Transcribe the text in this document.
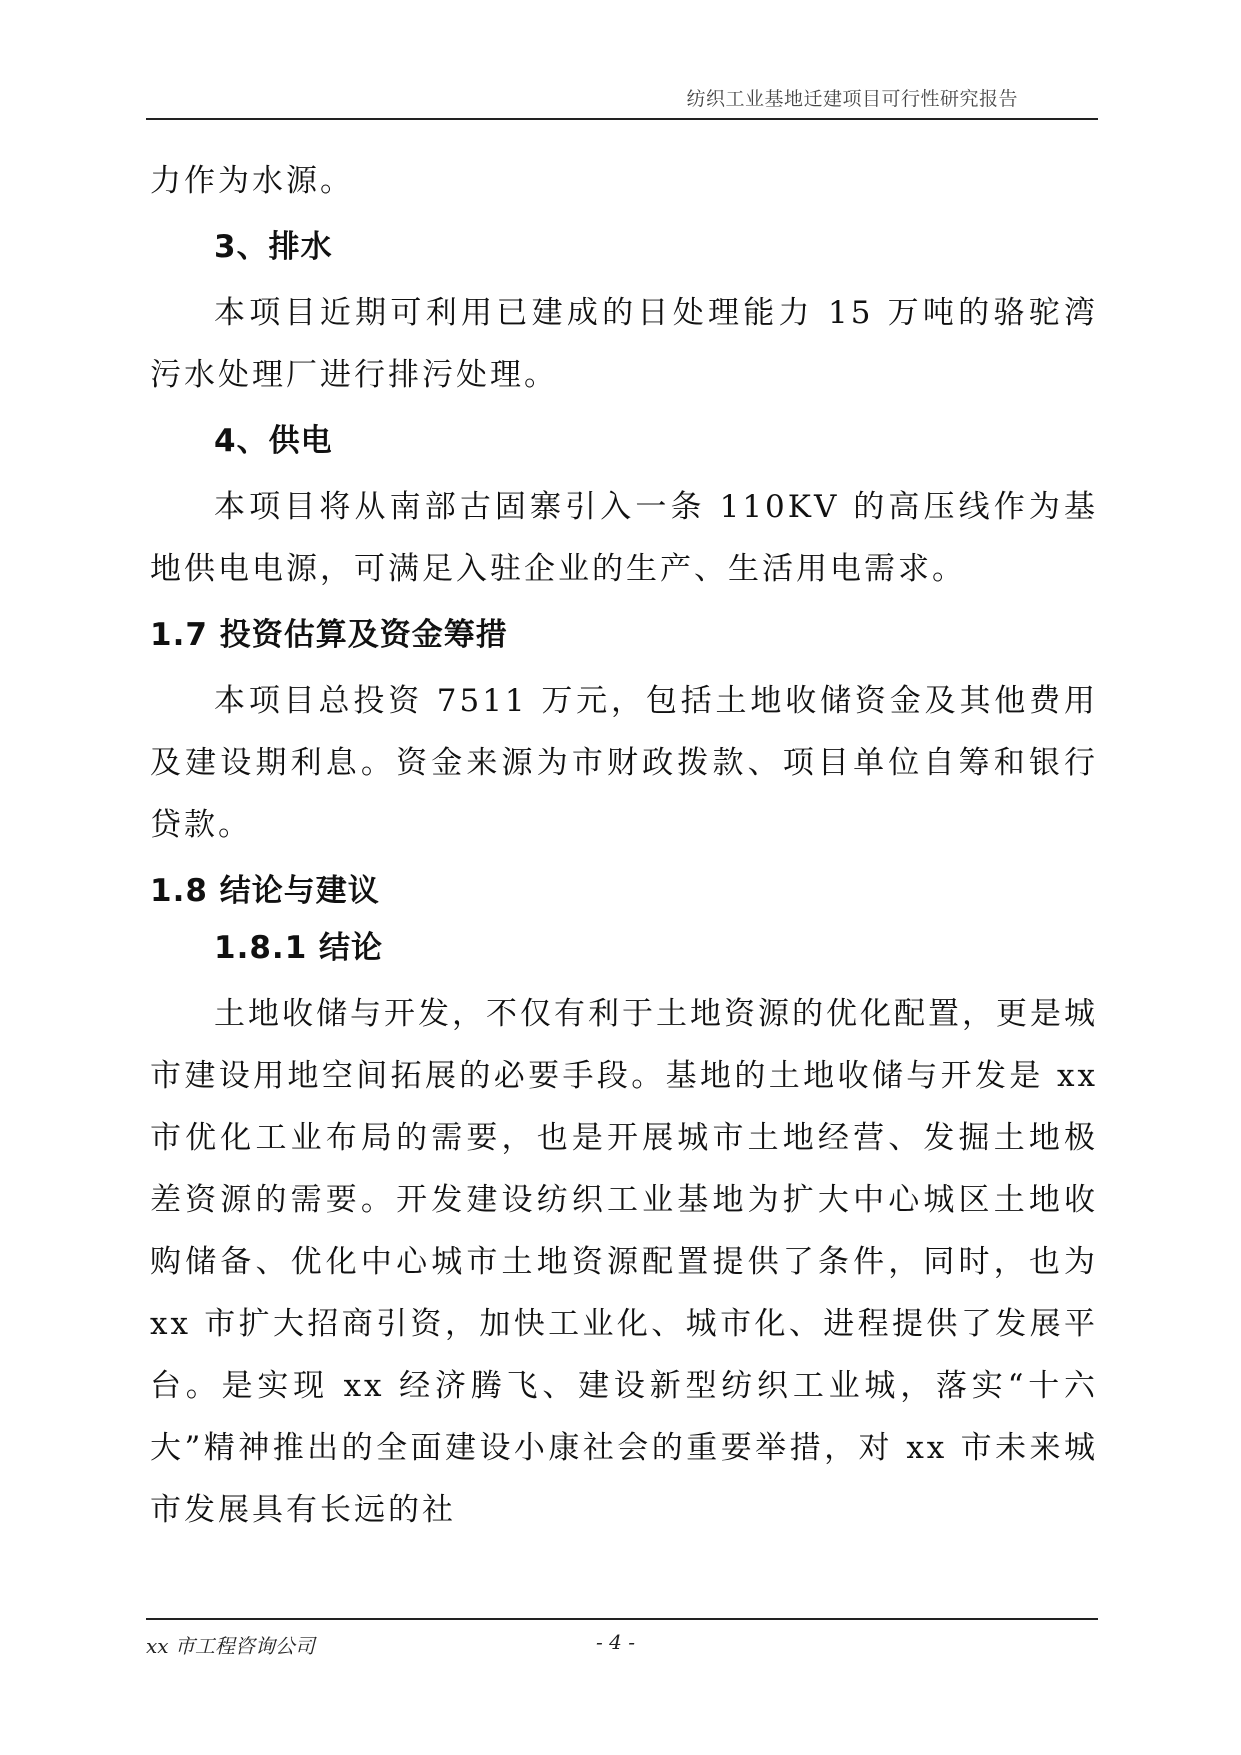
纺织工业基地迁建项目可行性研究报告

力作为水源。

3、排水

本项目近期可利用已建成的日处理能力 15 万吨的骆驼湾污水处理厂进行排污处理。

4、供电

本项目将从南部古固寨引入一条 110KV 的高压线作为基地供电电源，可满足入驻企业的生产、生活用电需求。

1.7 投资估算及资金筹措

本项目总投资 7511 万元，包括土地收储资金及其他费用及建设期利息。资金来源为市财政拨款、项目单位自筹和银行贷款。

1.8 结论与建议
1.8.1 结论

土地收储与开发，不仅有利于土地资源的优化配置，更是城市建设用地空间拓展的必要手段。基地的土地收储与开发是 xx 市优化工业布局的需要，也是开展城市土地经营、发掘土地极差资源的需要。开发建设纺织工业基地为扩大中心城区土地收购储备、优化中心城市土地资源配置提供了条件，同时，也为 xx 市扩大招商引资，加快工业化、城市化、进程提供了发展平台。是实现 xx 经济腾飞、建设新型纺织工业城，落实“十六大”精神推出的全面建设小康社会的重要举措，对 xx 市未来城市发展具有长远的社

xx 市工程咨询公司	- 4 -
